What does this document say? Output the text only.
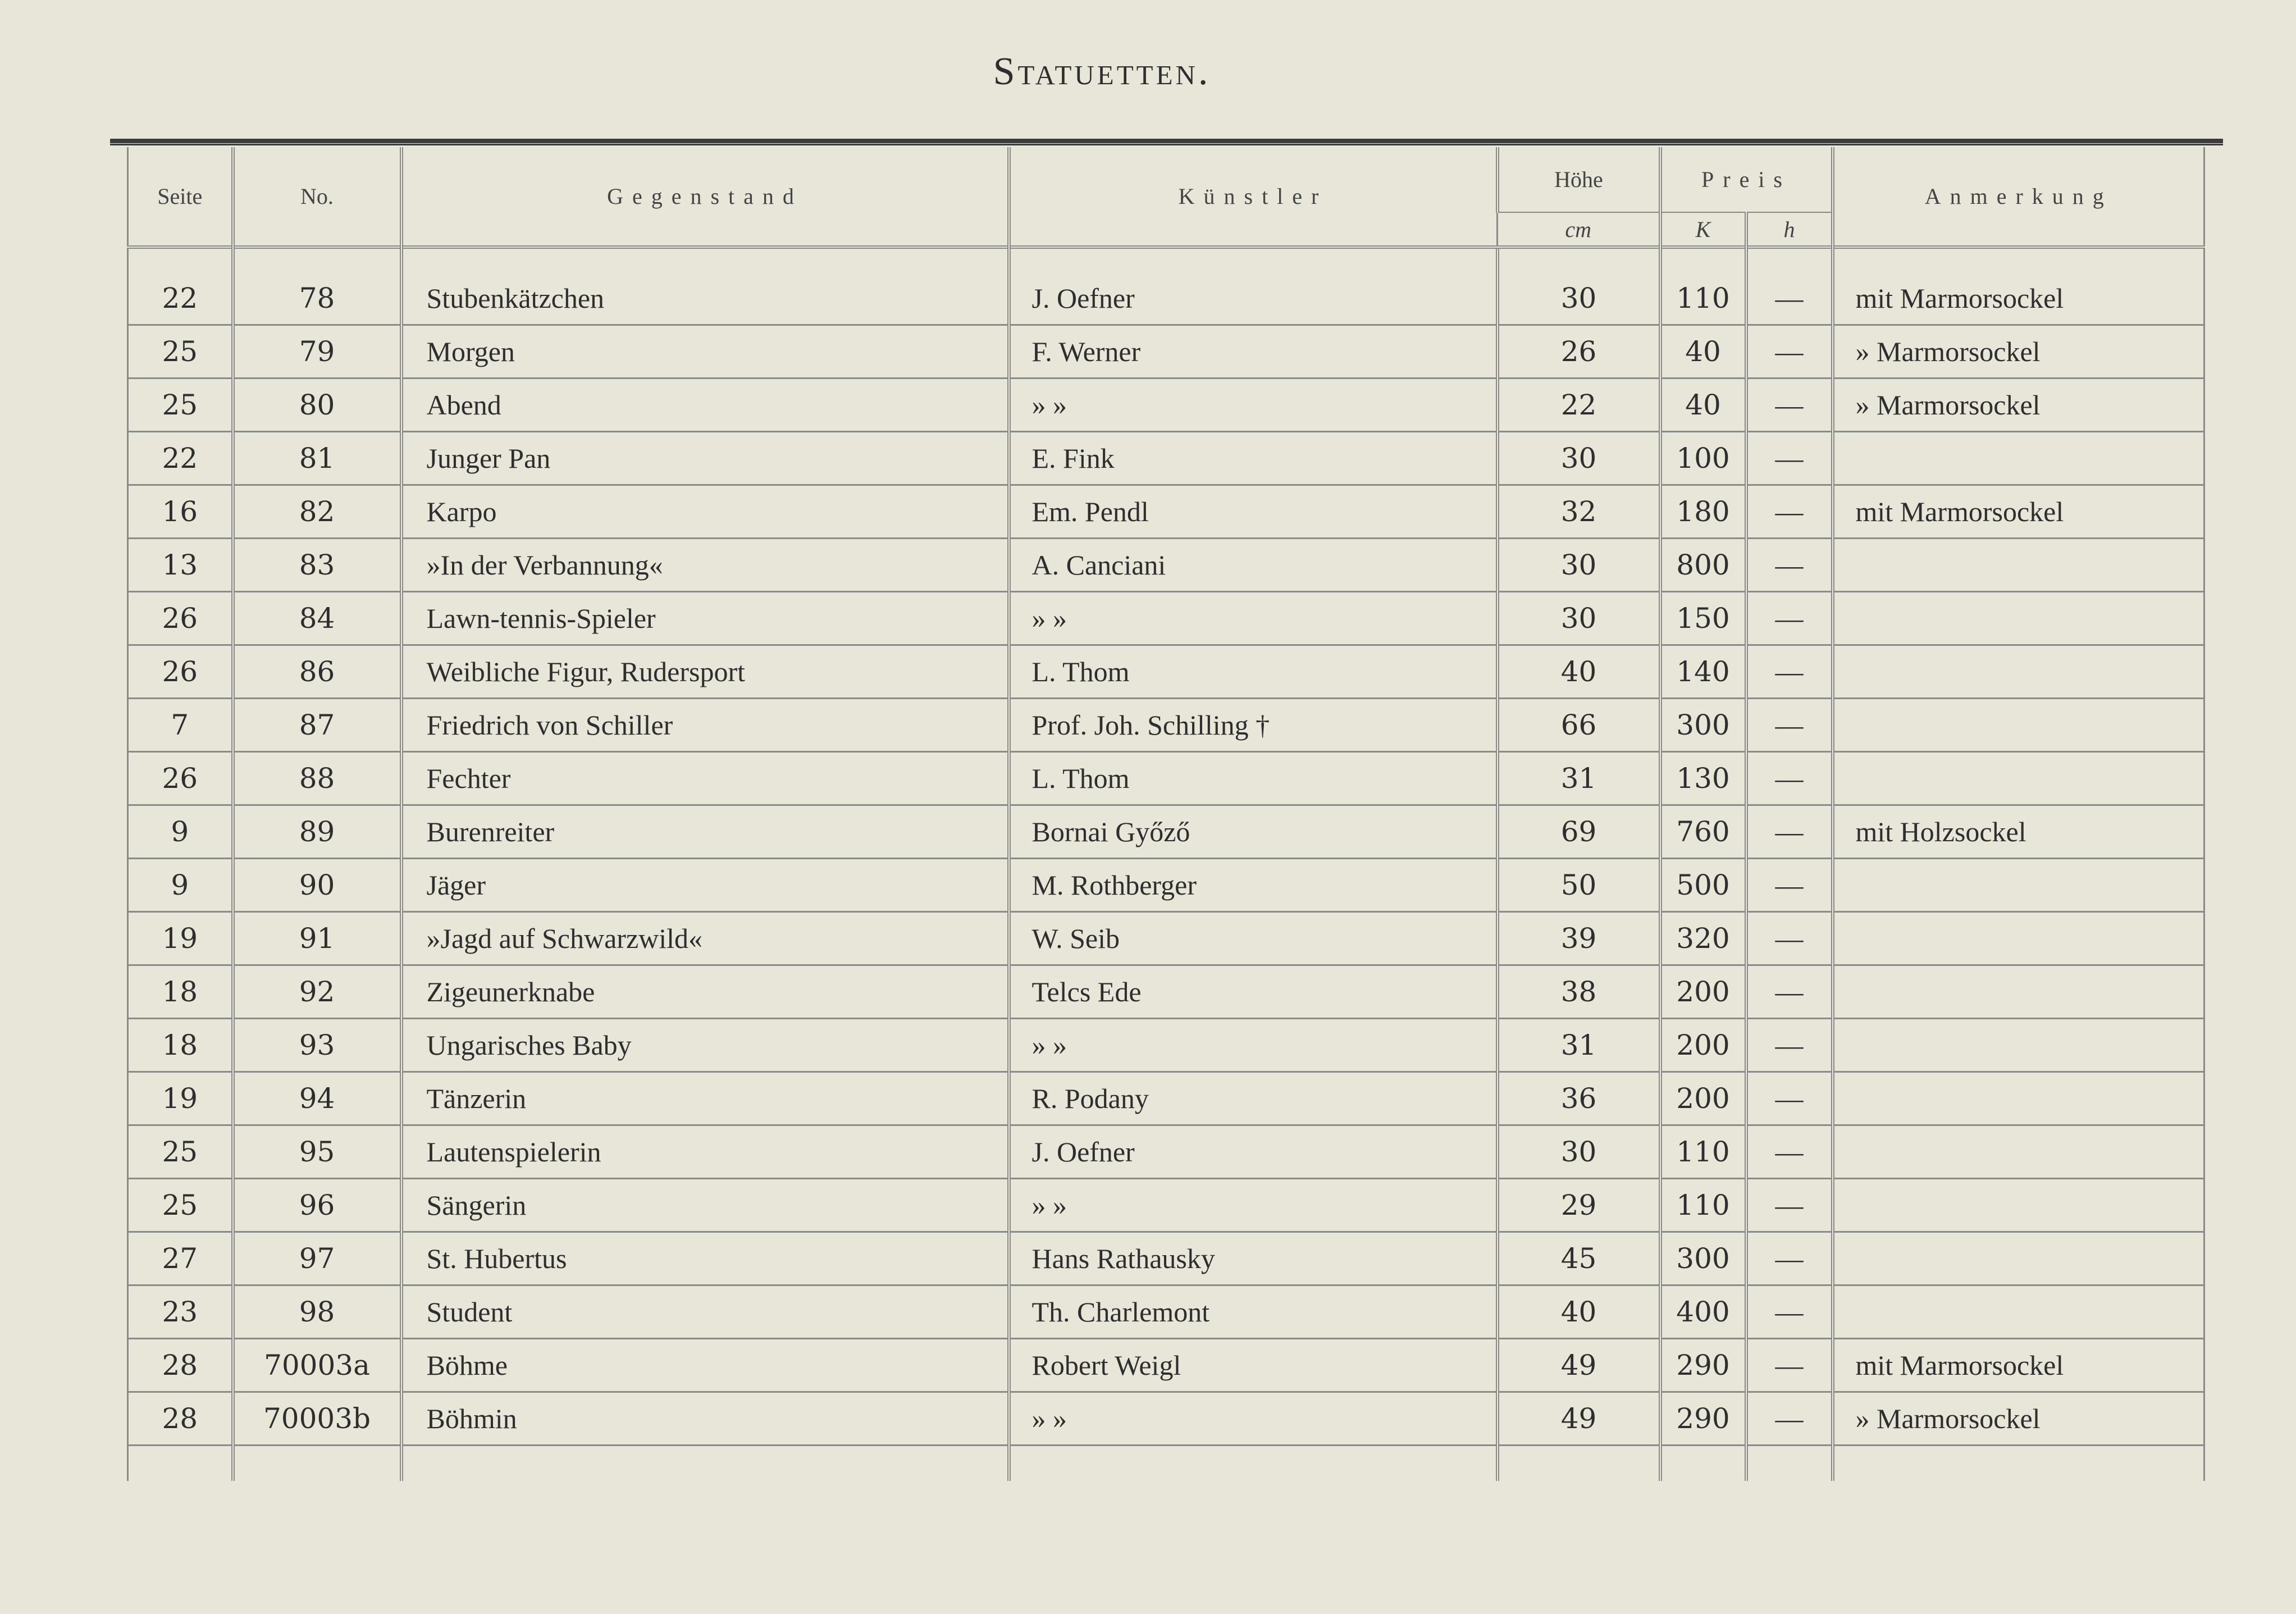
Statuetten.
Seite	No.	Gegenstand	Künstler	Höhe	Preis		Anmerkung
				cm	K	h	

22	78	Stubenkätzchen	J. Oefner	30	110	—	mit Marmorsockel
25	79	Morgen	F. Werner	26	40	—	» Marmorsockel
25	80	Abend	» »	22	40	—	» Marmorsockel
22	81	Junger Pan	E. Fink	30	100	—	
16	82	Karpo	Em. Pendl	32	180	—	mit Marmorsockel
13	83	»In der Verbannung«	A. Canciani	30	800	—	
26	84	Lawn-tennis-Spieler	» »	30	150	—	
26	86	Weibliche Figur, Rudersport	L. Thom	40	140	—	
7	87	Friedrich von Schiller	Prof. Joh. Schilling †	66	300	—	
26	88	Fechter	L. Thom	31	130	—	
9	89	Burenreiter	Bornai Győző	69	760	—	mit Holzsockel
9	90	Jäger	M. Rothberger	50	500	—	
19	91	»Jagd auf Schwarzwild«	W. Seib	39	320	—	
18	92	Zigeunerknabe	Telcs Ede	38	200	—	
18	93	Ungarisches Baby	» »	31	200	—	
19	94	Tänzerin	R. Podany	36	200	—	
25	95	Lautenspielerin	J. Oefner	30	110	—	
25	96	Sängerin	» »	29	110	—	
27	97	St. Hubertus	Hans Rathausky	45	300	—	
23	98	Student	Th. Charlemont	40	400	—	
28	70003a	Böhme	Robert Weigl	49	290	—	mit Marmorsockel
28	70003b	Böhmin	» »	49	290	—	» Marmorsockel
